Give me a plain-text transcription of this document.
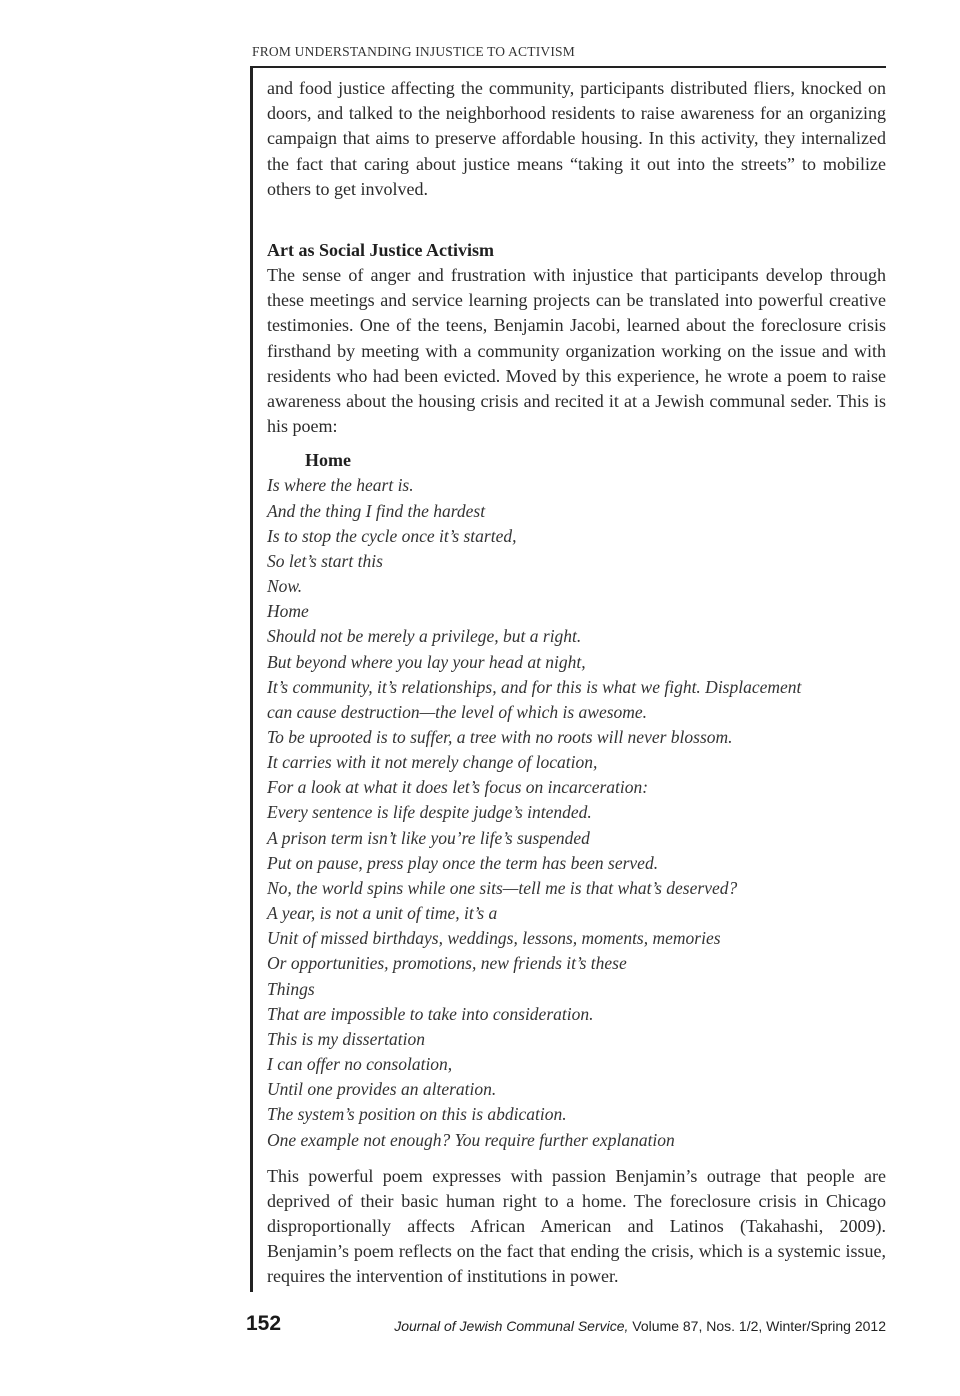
FROM UNDERSTANDING INJUSTICE TO ACTIVISM

and food justice affecting the community, participants distributed fliers, knocked on doors, and talked to the neighborhood residents to raise awareness for an organizing campaign that aims to preserve affordable housing. In this activity, they internalized the fact that caring about justice means “taking it out into the streets” to mobilize others to get involved.

Art as Social Justice Activism

The sense of anger and frustration with injustice that participants develop through these meetings and service learning projects can be translated into powerful creative testimonies. One of the teens, Benjamin Jacobi, learned about the foreclosure crisis firsthand by meeting with a community organization working on the issue and with residents who had been evicted. Moved by this experience, he wrote a poem to raise awareness about the housing crisis and recited it at a Jewish communal seder. This is his poem:

Home
Is where the heart is.
And the thing I find the hardest
Is to stop the cycle once it’s started,
So let’s start this
Now.
Home
Should not be merely a privilege, but a right.
But beyond where you lay your head at night,
It’s community, it’s relationships, and for this is what we fight. Displacement
can cause destruction—the level of which is awesome.
To be uprooted is to suffer, a tree with no roots will never blossom.
It carries with it not merely change of location,
For a look at what it does let’s focus on incarceration:
Every sentence is life despite judge’s intended.
A prison term isn’t like you’re life’s suspended
Put on pause, press play once the term has been served.
No, the world spins while one sits—tell me is that what’s deserved?
A year, is not a unit of time, it’s a
Unit of missed birthdays, weddings, lessons, moments, memories
Or opportunities, promotions, new friends it’s these
Things
That are impossible to take into consideration.
This is my dissertation
I can offer no consolation,
Until one provides an alteration.
The system’s position on this is abdication.
One example not enough? You require further explanation

This powerful poem expresses with passion Benjamin’s outrage that people are deprived of their basic human right to a home. The foreclosure crisis in Chicago disproportionally affects African American and Latinos (Takahashi, 2009). Benjamin’s poem reflects on the fact that ending the crisis, which is a systemic issue, requires the intervention of institutions in power.

152	Journal of Jewish Communal Service, Volume 87, Nos. 1/2, Winter/Spring 2012
